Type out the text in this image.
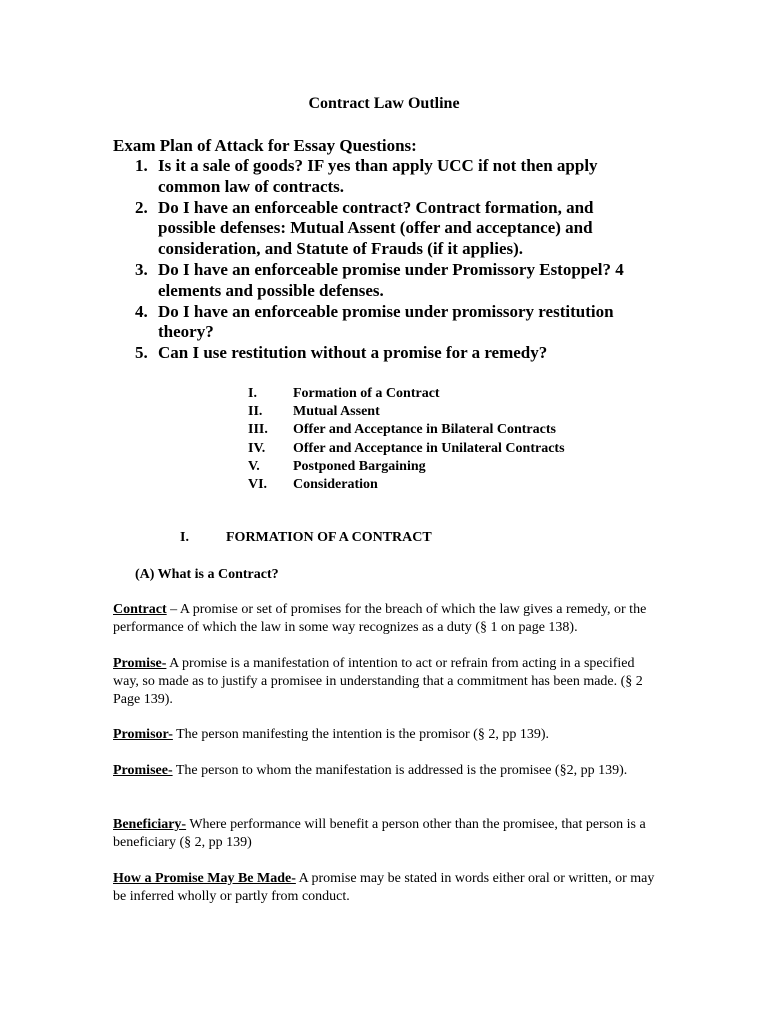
Contract Law Outline
Exam Plan of Attack for Essay Questions:
1. Is it a sale of goods? IF yes than apply UCC if not then apply common law of contracts.
2. Do I have an enforceable contract? Contract formation, and possible defenses: Mutual Assent (offer and acceptance) and consideration, and Statute of Frauds (if it applies).
3. Do I have an enforceable promise under Promissory Estoppel? 4 elements and possible defenses.
4. Do I have an enforceable promise under promissory restitution theory?
5. Can I use restitution without a promise for a remedy?
I.	Formation of a Contract
II. Mutual Assent
III. Offer and Acceptance in Bilateral Contracts
IV. Offer and Acceptance in Unilateral Contracts
V. Postponed Bargaining
VI. Consideration
I.	FORMATION OF A CONTRACT
(A) What is a Contract?

Contract – A promise or set of promises for the breach of which the law gives a remedy, or the performance of which the law in some way recognizes as a duty (§ 1 on page 138).

Promise- A promise is a manifestation of intention to act or refrain from acting in a specified way, so made as to justify a promisee in understanding that a commitment has been made. (§ 2 Page 139).

Promisor- The person manifesting the intention is the promisor (§ 2, pp 139).

Promisee- The person to whom the manifestation is addressed is the promisee (§2, pp 139).

Beneficiary- Where performance will benefit a person other than the promisee, that person is a beneficiary (§ 2, pp 139)

How a Promise May Be Made- A promise may be stated in words either oral or written, or may be inferred wholly or partly from conduct.
